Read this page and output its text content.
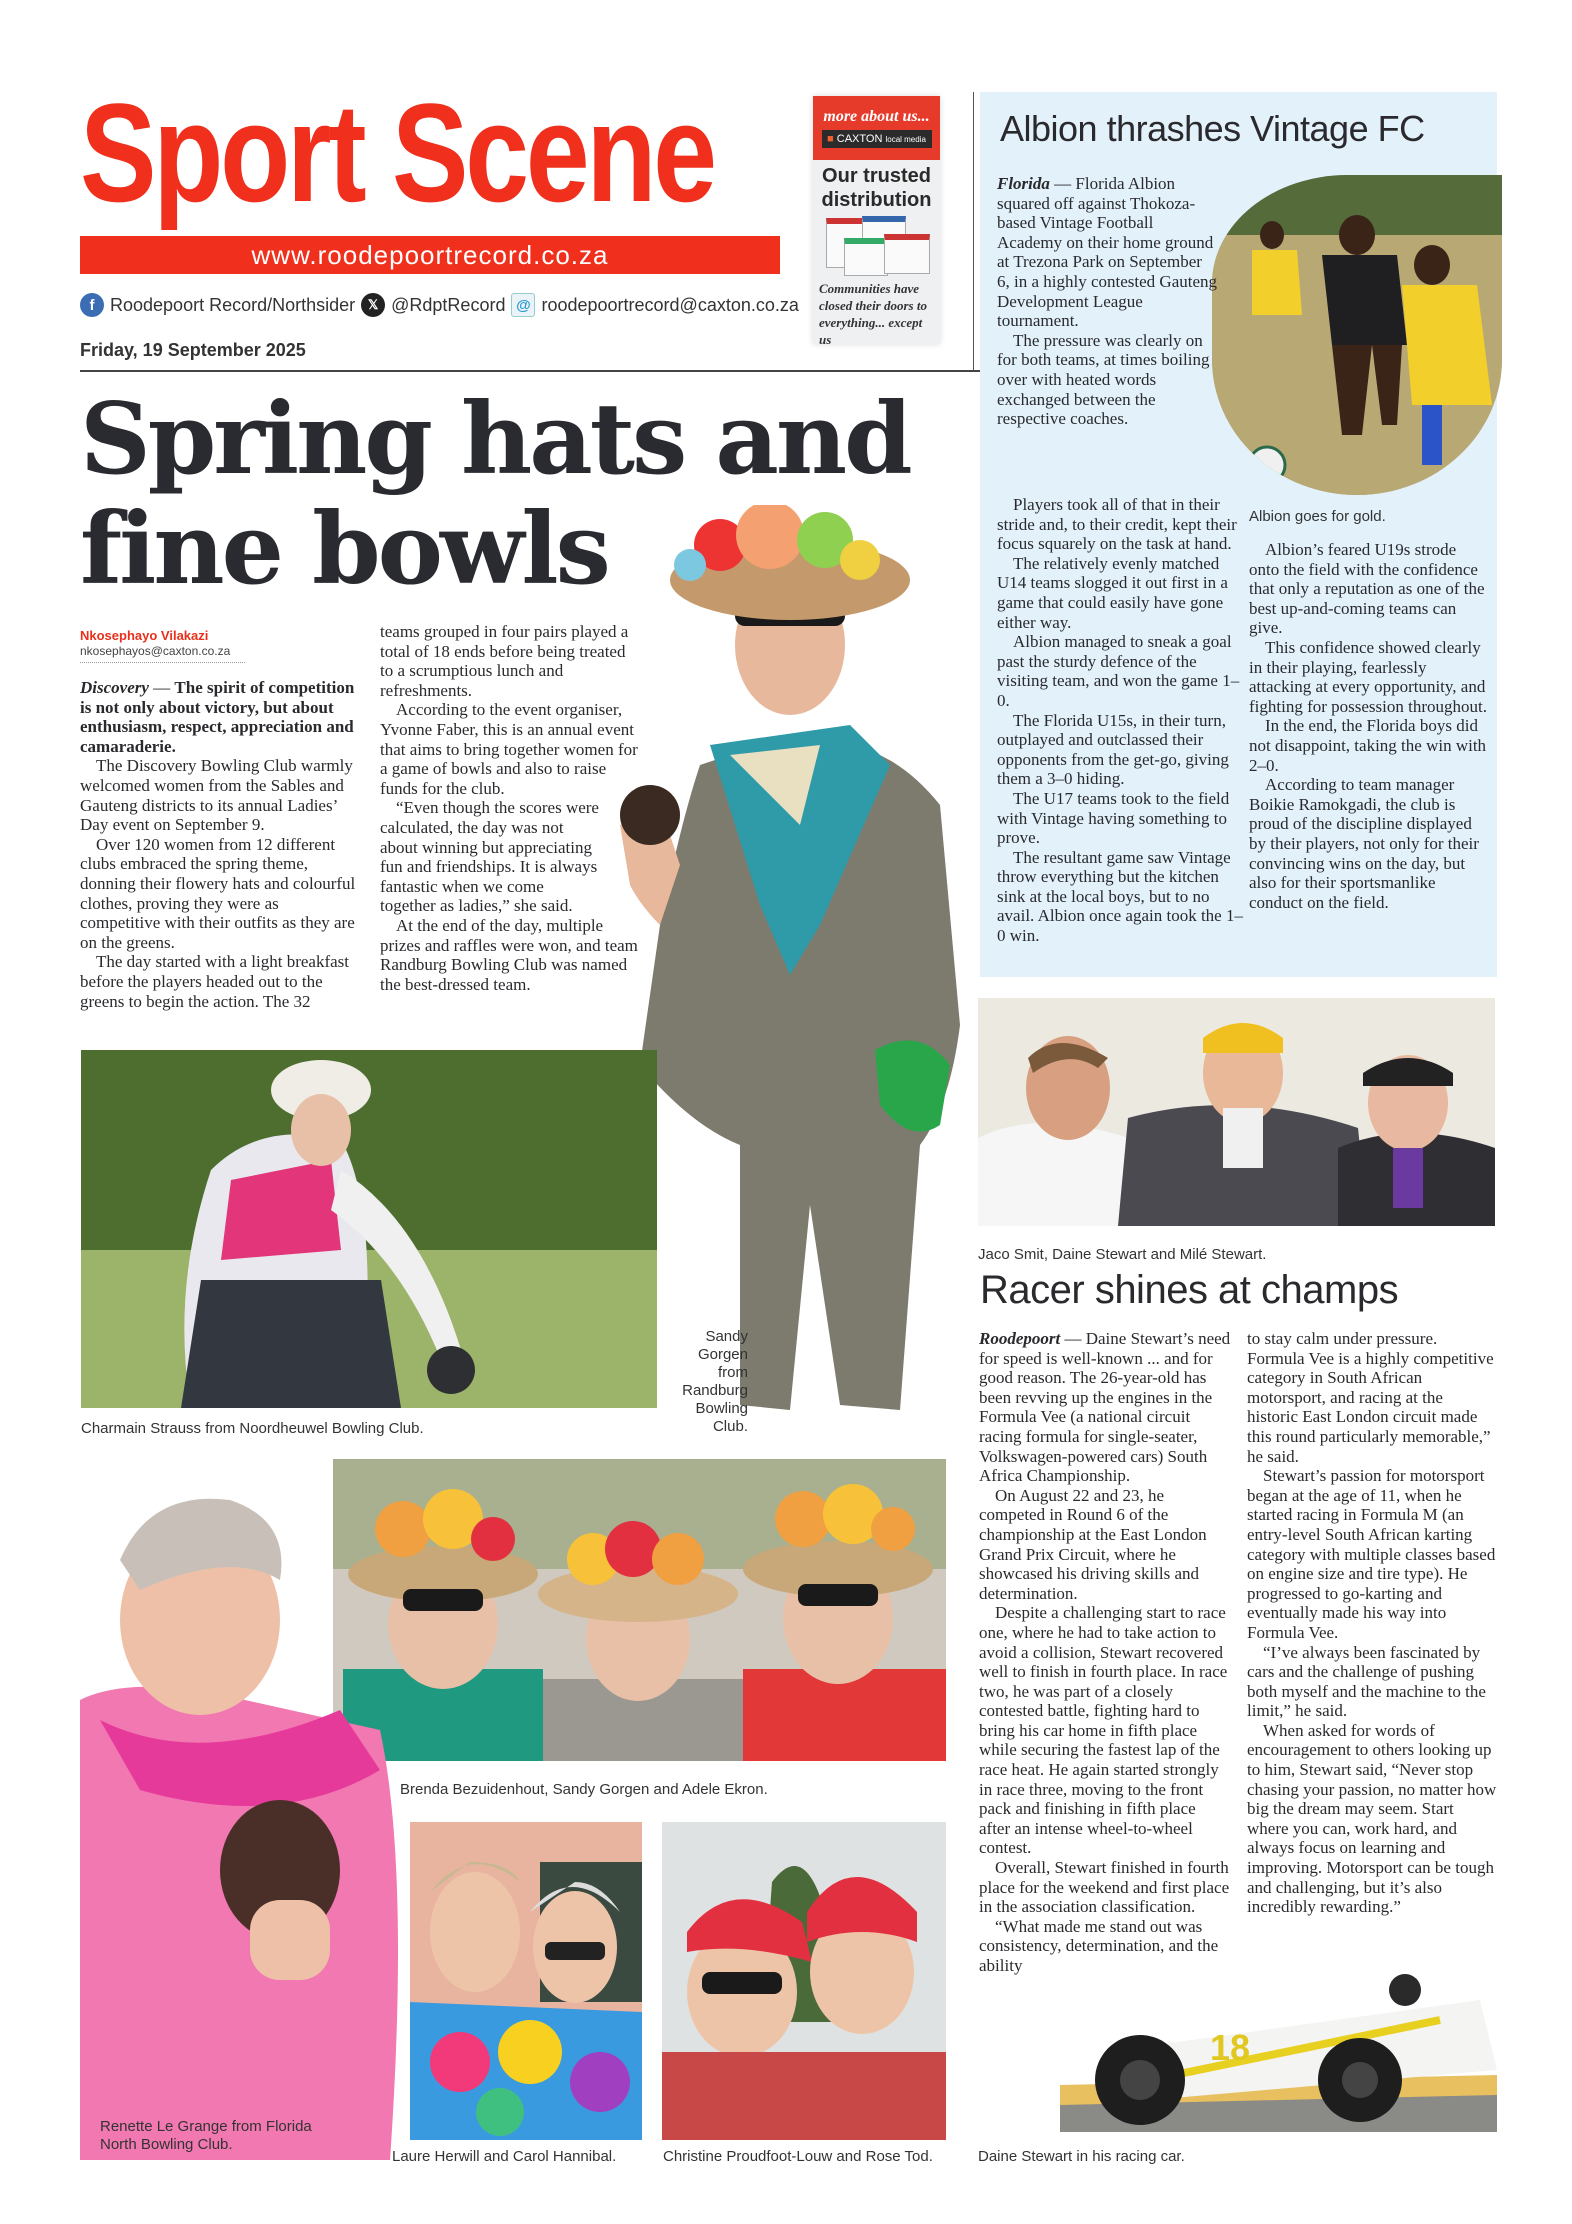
Sport Scene
www.roodepoortrecord.co.za
f Roodepoort Record/Northsider 𝕏 @RdptRecord @ roodepoortrecord@caxton.co.za
Friday, 19 September 2025
more about us...
■ CAXTON local media
Our trusted
distribution
Communities have closed their doors to everything... except us
Spring hats and
fine bowls
Nkosephayo Vilakazi
nkosephayos@caxton.co.za

Discovery — The spirit of competition is not only about victory, but about enthusiasm, respect, appreciation and camaraderie.

The Discovery Bowling Club warmly welcomed women from the Sables and Gauteng districts to its annual Ladies’ Day event on September 9.

Over 120 women from 12 different clubs embraced the spring theme, donning their flowery hats and colourful clothes, proving they were as competitive with their outfits as they are on the greens.

The day started with a light breakfast before the players headed out to the greens to begin the action. The 32

teams grouped in four pairs played a total of 18 ends before being treated to a scrumptious lunch and refreshments.

According to the event organiser, Yvonne Faber, this is an annual event that aims to bring together women for a game of bowls and also to raise funds for the club.

“Even though the scores were calculated, the day was not about winning but appreciating fun and friendships. It is always fantastic when we come together as ladies,” she said.

At the end of the day, multiple prizes and raffles were won, and team Randburg Bowling Club was named the best-dressed team.

Charmain Strauss from Noordheuwel Bowling Club.
Sandy Gorgen from Randburg Bowling Club.
Brenda Bezuidenhout, Sandy Gorgen and Adele Ekron.
Renette Le Grange from Florida North Bowling Club.
Laure Herwill and Carol Hannibal.	Christine Proudfoot-Louw and Rose Tod.
Albion thrashes Vintage FC

Florida — Florida Albion squared off against Thokoza-based Vintage Football Academy on their home ground at Trezona Park on September 6, in a highly contested Gauteng Development League tournament.

The pressure was clearly on for both teams, at times boiling over with heated words exchanged between the respective coaches.

Players took all of that in their stride and, to their credit, kept their focus squarely on the task at hand.

The relatively evenly matched U14 teams slogged it out first in a game that could easily have gone either way.

Albion managed to sneak a goal past the sturdy defence of the visiting team, and won the game 1–0.

The Florida U15s, in their turn, outplayed and outclassed their opponents from the get-go, giving them a 3–0 hiding.

The U17 teams took to the field with Vintage having something to prove.

The resultant game saw Vintage throw everything but the kitchen sink at the local boys, but to no avail. Albion once again took the 1–0 win.

Albion goes for gold.

Albion’s feared U19s strode onto the field with the confidence that only a reputation as one of the best up-and-coming teams can give.

This confidence showed clearly in their playing, fearlessly attacking at every opportunity, and fighting for possession throughout.

In the end, the Florida boys did not disappoint, taking the win with 2–0.

According to team manager Boikie Ramokgadi, the club is proud of the discipline displayed by their players, not only for their convincing wins on the day, but also for their sportsmanlike conduct on the field.

Jaco Smit, Daine Stewart and Milé Stewart.
Racer shines at champs

Roodepoort — Daine Stewart’s need for speed is well-known ... and for good reason. The 26-year-old has been revving up the engines in the Formula Vee (a national circuit racing formula for single-seater, Volkswagen-powered cars) South Africa Championship.

On August 22 and 23, he competed in Round 6 of the championship at the East London Grand Prix Circuit, where he showcased his driving skills and determination.

Despite a challenging start to race one, where he had to take action to avoid a collision, Stewart recovered well to finish in fourth place. In race two, he was part of a closely contested battle, fighting hard to bring his car home in fifth place while securing the fastest lap of the race heat. He again started strongly in race three, moving to the front pack and finishing in fifth place after an intense wheel-to-wheel contest.

Overall, Stewart finished in fourth place for the weekend and first place in the association classification.

“What made me stand out was consistency, determination, and the ability

to stay calm under pressure. Formula Vee is a highly competitive category in South African motorsport, and racing at the historic East London circuit made this round particularly memorable,” he said.

Stewart’s passion for motorsport began at the age of 11, when he started racing in Formula M (an entry-level South African karting category with multiple classes based on engine size and tire type). He progressed to go-karting and eventually made his way into Formula Vee.

“I’ve always been fascinated by cars and the challenge of pushing both myself and the machine to the limit,” he said.

When asked for words of encouragement to others looking up to him, Stewart said, “Never stop chasing your passion, no matter how big the dream may seem. Start where you can, work hard, and always focus on learning and improving. Motorsport can be tough and challenging, but it’s also incredibly rewarding.”

18
Daine Stewart in his racing car.
